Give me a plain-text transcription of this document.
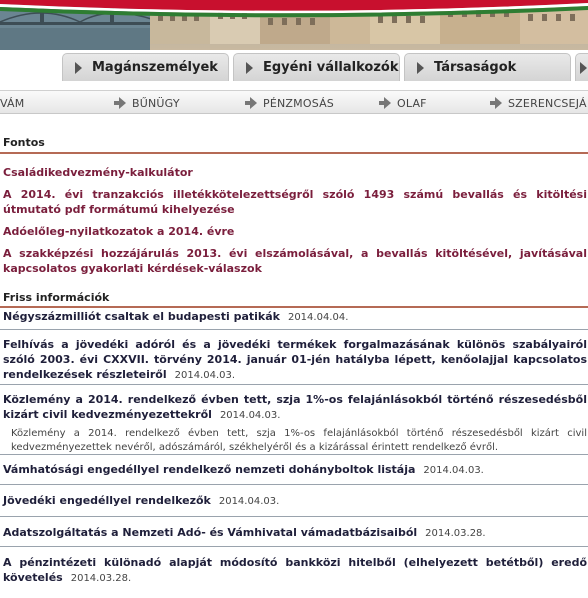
Magánszemélyek	Egyéni vállalkozók	Társaságok
VÁM	BŰNÜGY	PÉNZMOSÁS	OLAF	SZERENCSEJÁ
Fontos
Családikedvezmény-kalkulátor
A 2014. évi tranzakciós illetékkötelezettségről szóló 1493 számú bevallás és kitöltési útmutató pdf formátumú kihelyezése
Adóelőleg-nyilatkozatok a 2014. évre
A szakképzési hozzájárulás 2013. évi elszámolásával, a bevallás kitöltésével, javításával kapcsolatos gyakorlati kérdések-válaszok
Friss információk
Négyszázmilliót csaltak el budapesti patikák 2014.04.04.
Felhívás a jövedéki adóról és a jövedéki termékek forgalmazásának különös szabályairól szóló 2003. évi CXXVII. törvény 2014. január 01-jén hatályba lépett, kenőolajjal kapcsolatos rendelkezések részleteiről 2014.04.03.
Közlemény a 2014. rendelkező évben tett, szja 1%-os felajánlásokból történő részesedésből kizárt civil kedvezményezettekről 2014.04.03.
Közlemény a 2014. rendelkező évben tett, szja 1%-os felajánlásokból történő részesedésből kizárt civil kedvezményezettek nevéről, adószámáról, székhelyéről és a kizárással érintett rendelkező évről.
Vámhatósági engedéllyel rendelkező nemzeti dohányboltok listája 2014.04.03.
Jövedéki engedéllyel rendelkezők 2014.04.03.
Adatszolgáltatás a Nemzeti Adó- és Vámhivatal vámadatbázisaiból 2014.03.28.
A pénzintézeti különadó alapját módosító bankközi hitelből (elhelyezett betétből) eredő követelés 2014.03.28.
